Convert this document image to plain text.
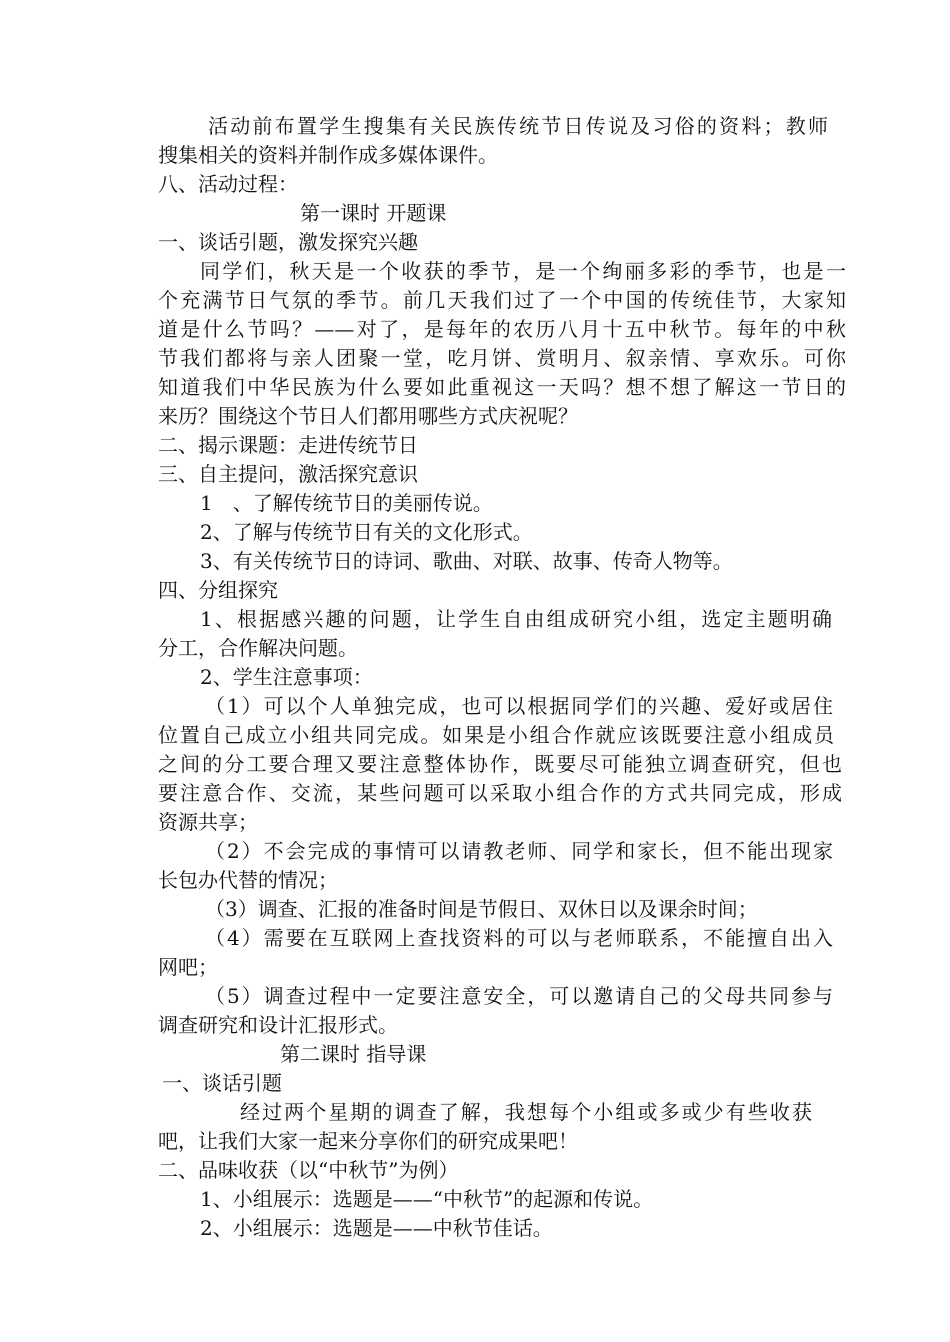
活动前布置学生搜集有关民族传统节日传说及习俗的资料；教师
搜集相关的资料并制作成多媒体课件。
八、活动过程：
第一课时 开题课
一、谈话引题，激发探究兴趣
同学们，秋天是一个收获的季节，是一个绚丽多彩的季节，也是一
个充满节日气氛的季节。前几天我们过了一个中国的传统佳节，大家知
道是什么节吗？——对了，是每年的农历八月十五中秋节。每年的中秋
节我们都将与亲人团聚一堂，吃月饼、赏明月、叙亲情、享欢乐。可你
知道我们中华民族为什么要如此重视这一天吗？想不想了解这一节日的
来历？围绕这个节日人们都用哪些方式庆祝呢？
二、揭示课题：走进传统节日
三、自主提问，激活探究意识
1　、了解传统节日的美丽传说。
2、了解与传统节日有关的文化形式。
3、有关传统节日的诗词、歌曲、对联、故事、传奇人物等。
四、分组探究
1、根据感兴趣的问题，让学生自由组成研究小组，选定主题明确
分工，合作解决问题。
2、学生注意事项：
（1）可以个人单独完成，也可以根据同学们的兴趣、爱好或居住
位置自己成立小组共同完成。如果是小组合作就应该既要注意小组成员
之间的分工要合理又要注意整体协作，既要尽可能独立调查研究，但也
要注意合作、交流，某些问题可以采取小组合作的方式共同完成，形成
资源共享；
（2）不会完成的事情可以请教老师、同学和家长，但不能出现家
长包办代替的情况；
（3）调查、汇报的准备时间是节假日、双休日以及课余时间；
（4）需要在互联网上查找资料的可以与老师联系，不能擅自出入
网吧；
（5）调查过程中一定要注意安全，可以邀请自己的父母共同参与
调查研究和设计汇报形式。
第二课时 指导课
一、谈话引题
经过两个星期的调查了解，我想每个小组或多或少有些收获
吧，让我们大家一起来分享你们的研究成果吧！
二、品味收获（以“中秋节”为例）
1、小组展示：选题是——“中秋节”的起源和传说。
2、小组展示：选题是——中秋节佳话。
